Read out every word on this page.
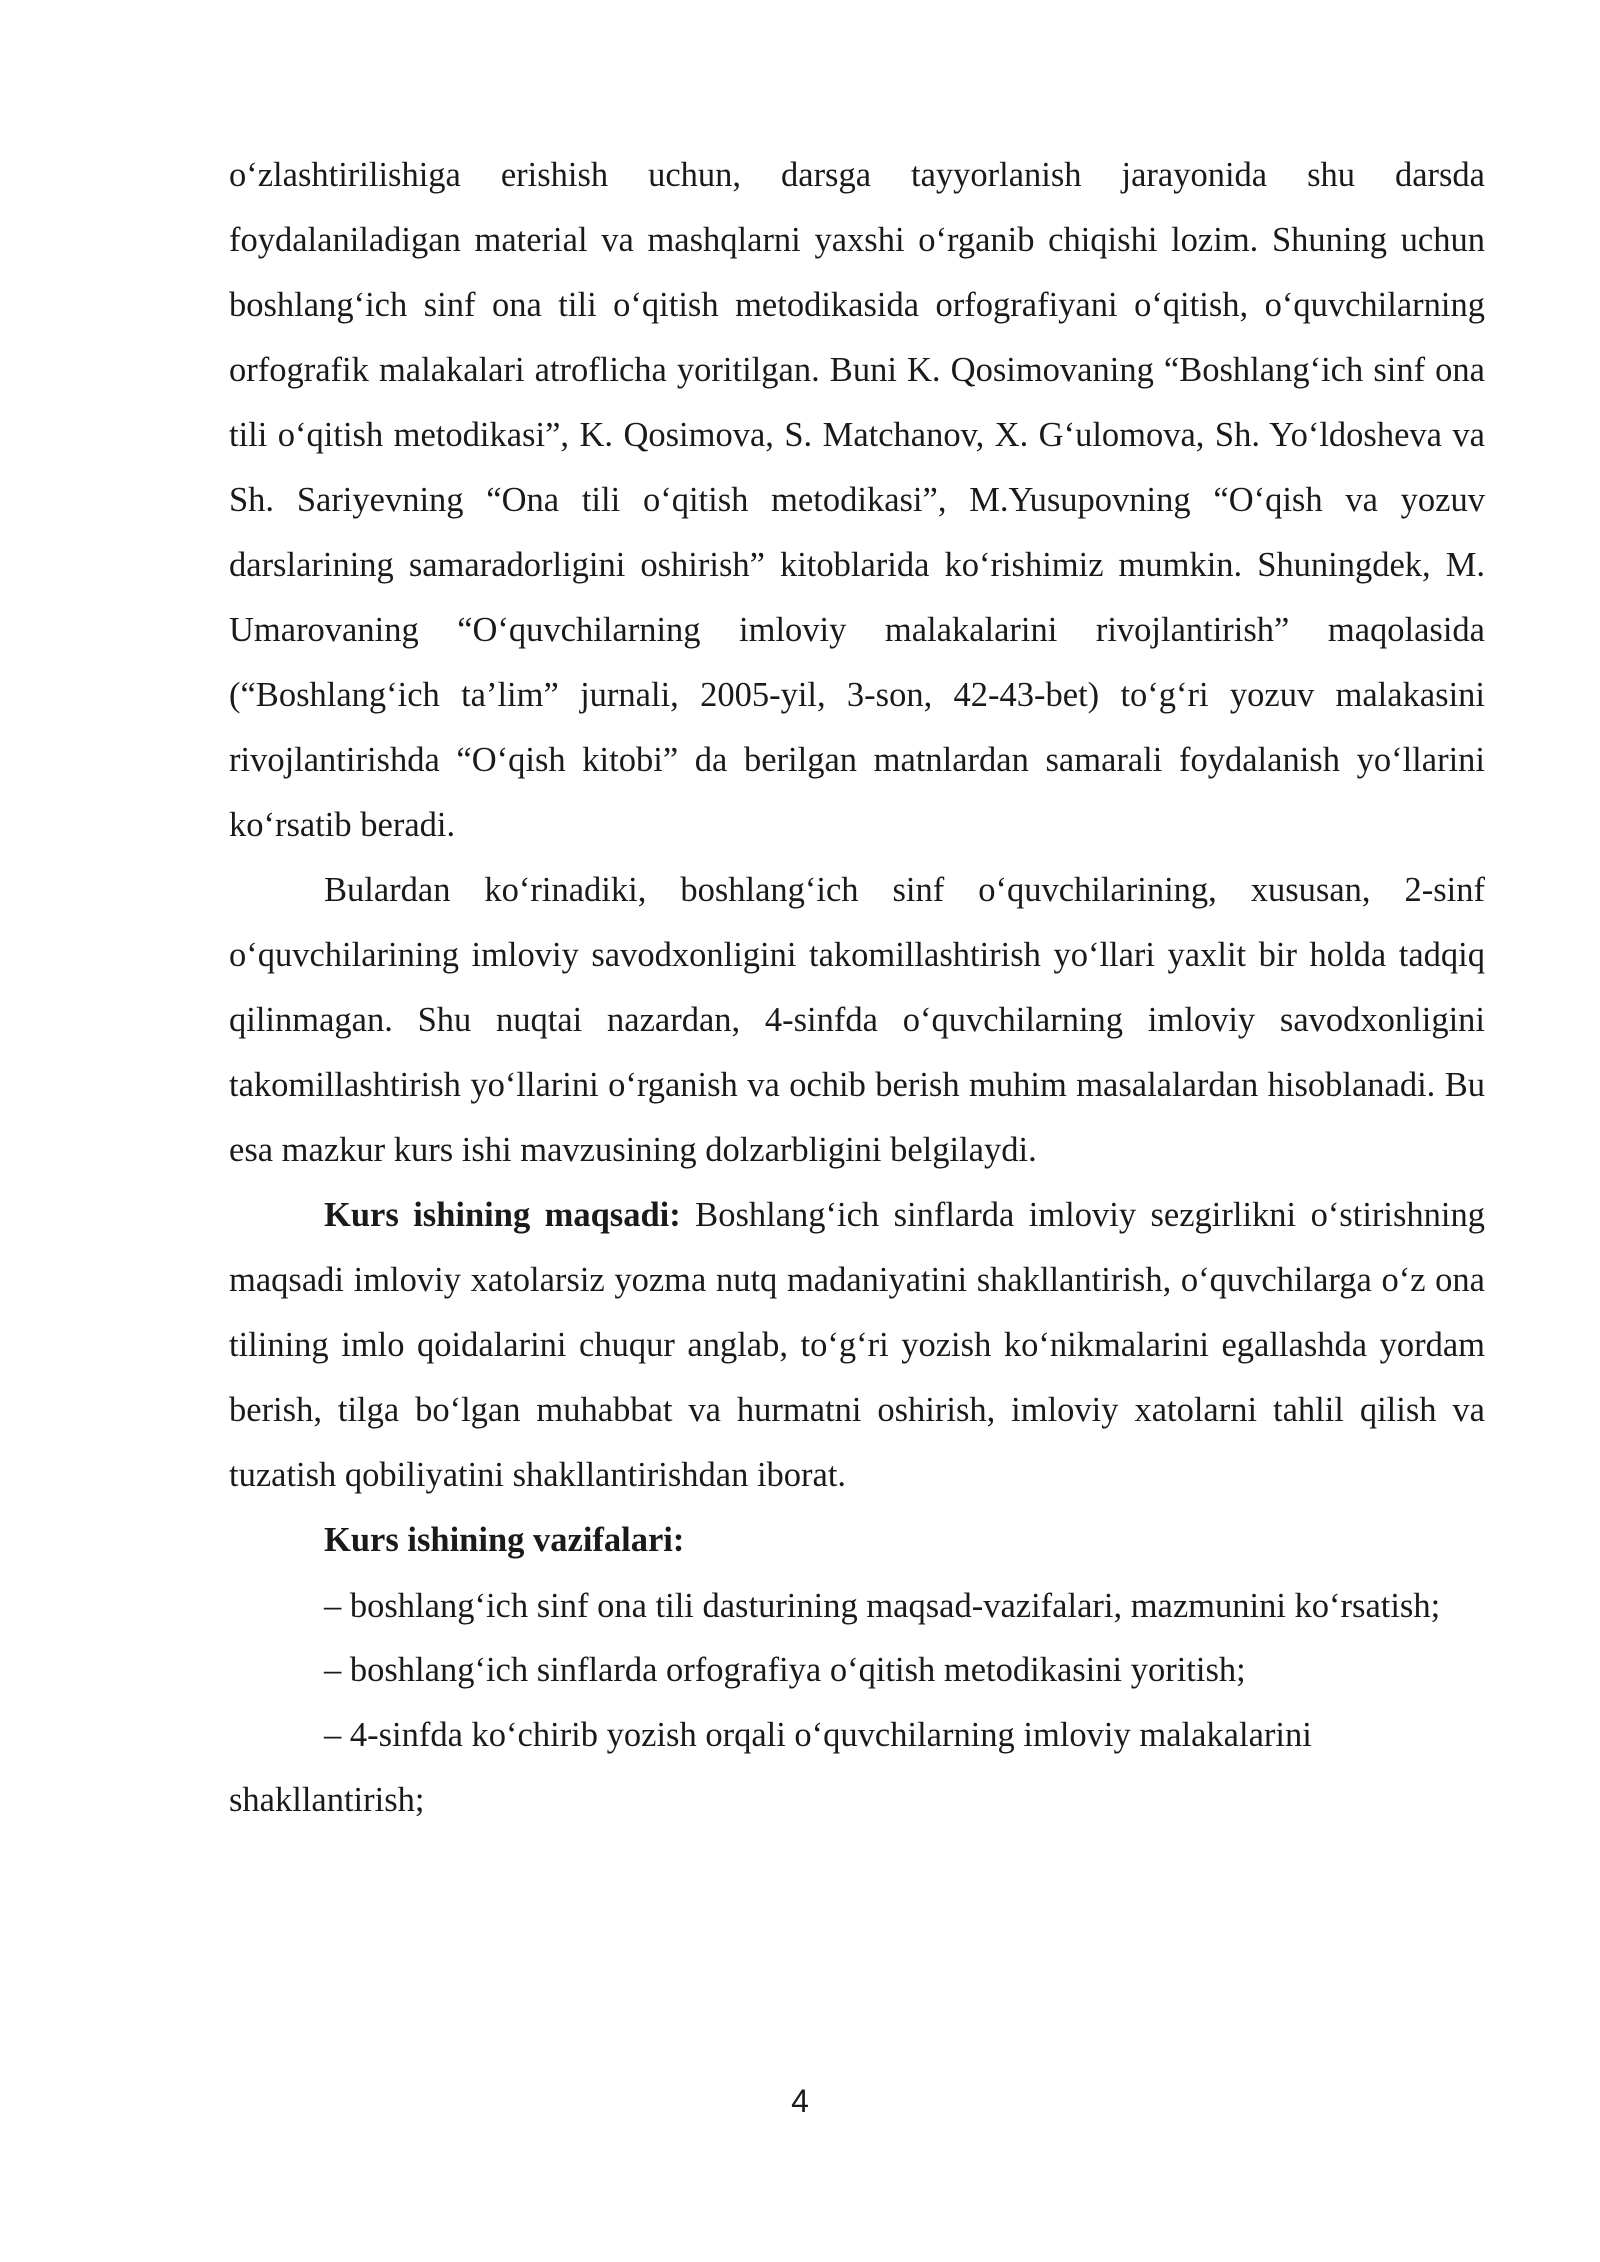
o‘zlashtirilishiga erishish uchun, darsga tayyorlanish jarayonida shu darsda foydalaniladigan material va mashqlarni yaxshi o‘rganib chiqishi lozim. Shuning uchun boshlang‘ich sinf ona tili o‘qitish metodikasida orfografiyani o‘qitish, o‘quvchilarning orfografik malakalari atroflicha yoritilgan. Buni K. Qosimovaning “Boshlang‘ich sinf ona tili o‘qitish metodikasi”, K. Qosimova, S. Matchanov, X. G‘ulomova, Sh. Yo‘ldosheva va Sh. Sariyevning “Ona tili o‘qitish metodikasi”, M.Yusupovning “O‘qish va yozuv darslarining samaradorligini oshirish” kitoblarida ko‘rishimiz mumkin. Shuningdek, M. Umarovaning “O‘quvchilarning imloviy malakalarini rivojlantirish” maqolasida (“Boshlang‘ich ta’lim” jurnali, 2005-yil, 3-son, 42-43-bet) to‘g‘ri yozuv malakasini rivojlantirishda “O‘qish kitobi” da berilgan matnlardan samarali foydalanish yo‘llarini ko‘rsatib beradi.

Bulardan ko‘rinadiki, boshlang‘ich sinf o‘quvchilarining, xususan, 2-sinf o‘quvchilarining imloviy savodxonligini takomillashtirish yo‘llari yaxlit bir holda tadqiq qilinmagan. Shu nuqtai nazardan, 4-sinfda o‘quvchilarning imloviy savodxonligini takomillashtirish yo‘llarini o‘rganish va ochib berish muhim masalalardan hisoblanadi. Bu esa mazkur kurs ishi mavzusining dolzarbligini belgilaydi.

Kurs ishining maqsadi: Boshlang‘ich sinflarda imloviy sezgirlikni o‘stirishning maqsadi imloviy xatolarsiz yozma nutq madaniyatini shakllantirish, o‘quvchilarga o‘z ona tilining imlo qoidalarini chuqur anglab, to‘g‘ri yozish ko‘nikmalarini egallashda yordam berish, tilga bo‘lgan muhabbat va hurmatni oshirish, imloviy xatolarni tahlil qilish va tuzatish qobiliyatini shakllantirishdan iborat.

Kurs ishining vazifalari:

– boshlang‘ich sinf ona tili dasturining maqsad-vazifalari, mazmunini ko‘rsatish;

– boshlang‘ich sinflarda orfografiya o‘qitish metodikasini yoritish;

– 4-sinfda ko‘chirib yozish orqali o‘quvchilarning imloviy malakalarini shakllantirish;

4
